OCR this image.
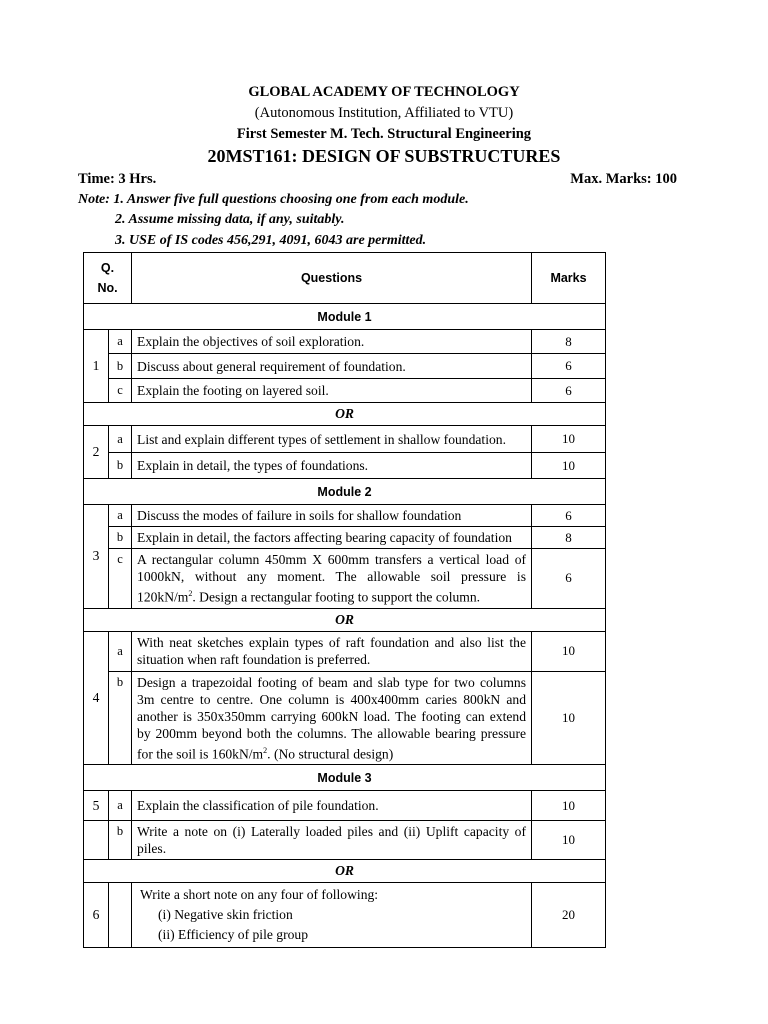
GLOBAL ACADEMY OF TECHNOLOGY
(Autonomous Institution, Affiliated to VTU)
First Semester M. Tech. Structural Engineering
20MST161: DESIGN OF SUBSTRUCTURES
Time: 3 Hrs.	Max. Marks: 100
Note: 1. Answer five full questions choosing one from each module.
2. Assume missing data, if any, suitably.
3. USE of IS codes 456,291, 4091, 6043 are permitted.
Q.
No.		Questions	Marks
Module 1			
1	a	Explain the objectives of soil exploration.	8
	b	Discuss about general requirement of foundation.	6
	c	Explain the footing on layered soil.	6
OR			
2	a	List and explain different types of settlement in shallow foundation.	10
	b	Explain in detail, the types of foundations.	10
Module 2			
3	a	Discuss the modes of failure in soils for shallow foundation	6
	b	Explain in detail, the factors affecting bearing capacity of foundation	8
	c	A rectangular column 450mm X 600mm transfers a vertical load of 1000kN, without any moment. The allowable soil pressure is $120kN/m^2$. Design a rectangular footing to support the column.	6
OR			
4	a	With neat sketches explain types of raft foundation and also list the situation when raft foundation is preferred.	10
	b	Design a trapezoidal footing of beam and slab type for two columns 3m centre to centre. One column is 400x400mm caries 800kN and another is 350x350mm carrying 600kN load. The footing can extend by 200mm beyond both the columns. The allowable bearing pressure for the soil is $160kN/m^2$. (No structural design)	10
Module 3			
5	a	Explain the classification of pile foundation.	10
	b	Write a note on (i) Laterally loaded piles and (ii) Uplift capacity of piles.	10
OR			
6		Write a short note on any four of following:
(i) Negative skin friction
(ii) Efficiency of pile group	20
